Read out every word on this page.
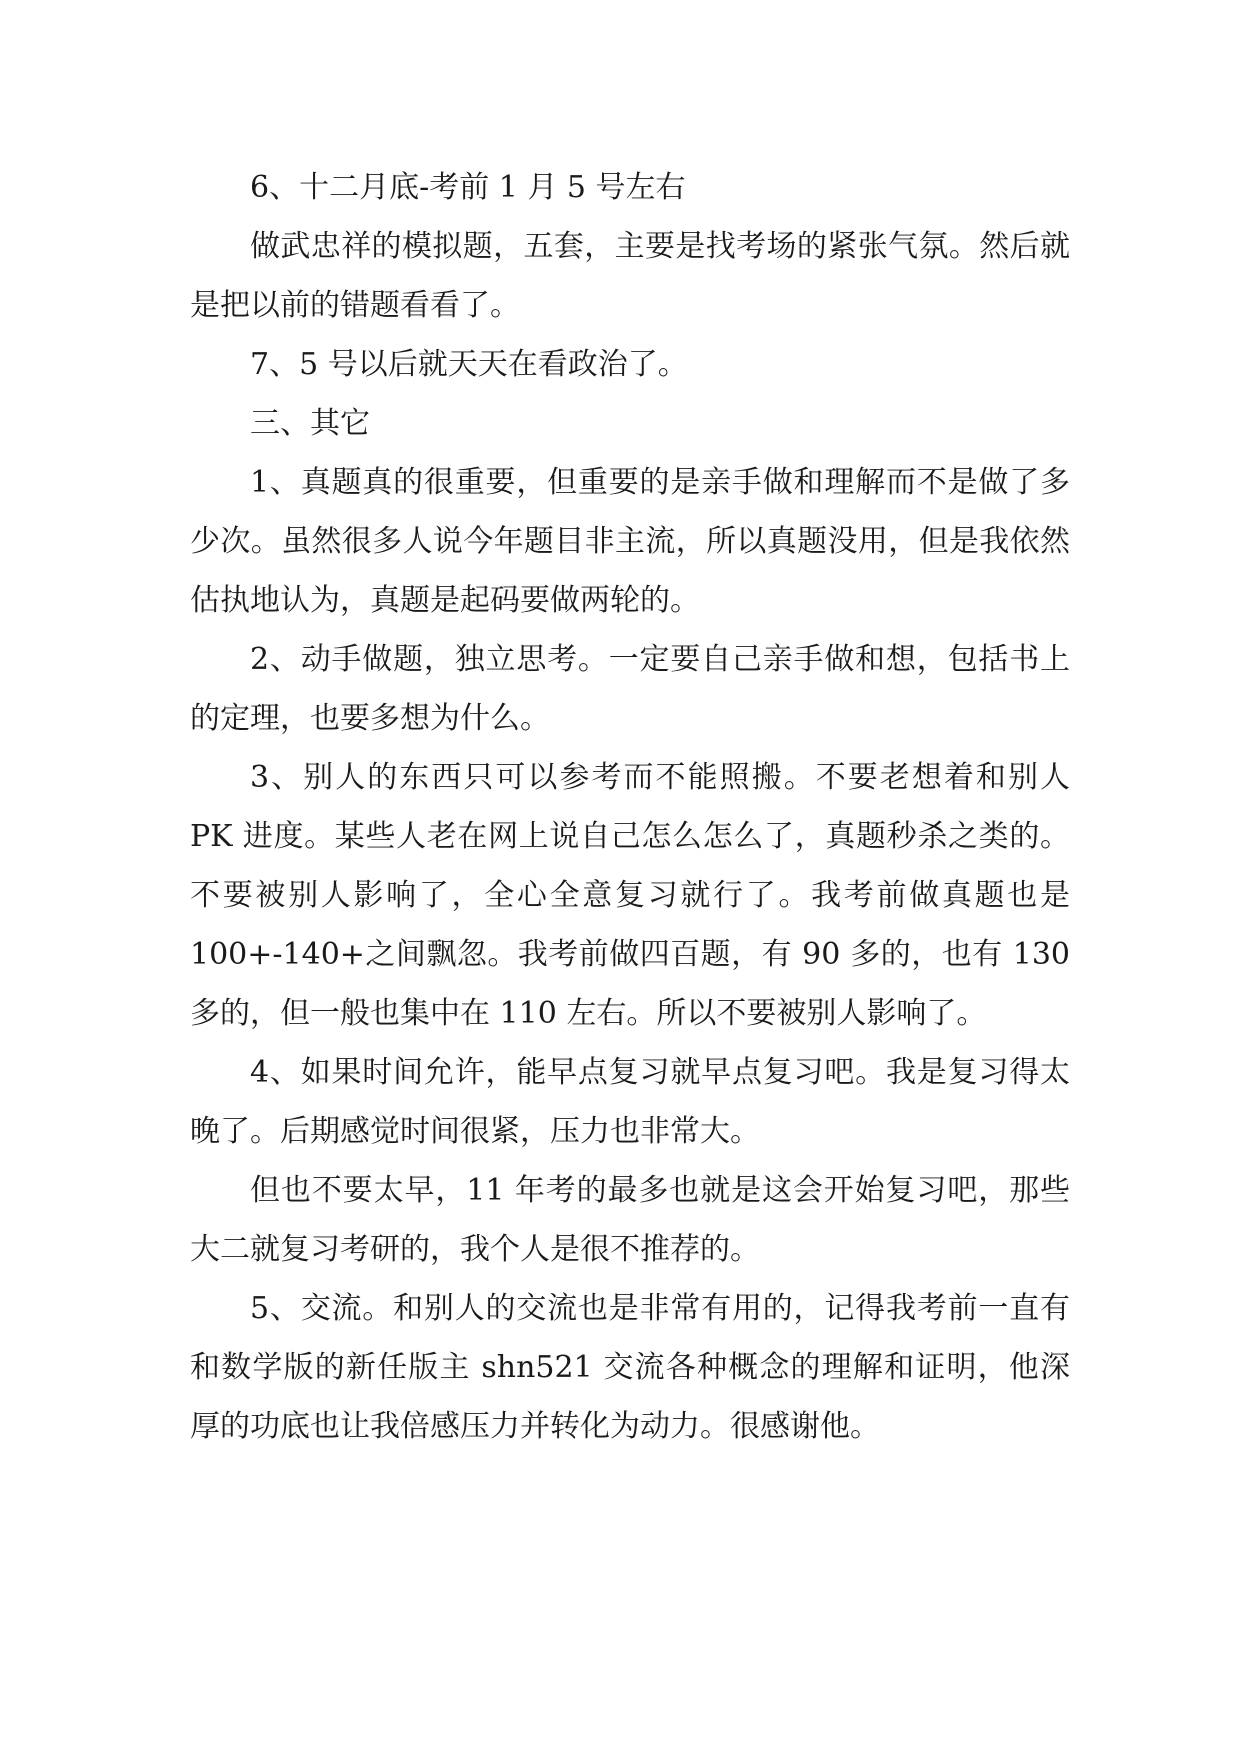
6、十二月底-考前 1 月 5 号左右

做武忠祥的模拟题，五套，主要是找考场的紧张气氛。然后就是把以前的错题看看了。

7、5 号以后就天天在看政治了。

三、其它

1、真题真的很重要，但重要的是亲手做和理解而不是做了多少次。虽然很多人说今年题目非主流，所以真题没用，但是我依然估执地认为，真题是起码要做两轮的。

2、动手做题，独立思考。一定要自己亲手做和想，包括书上的定理，也要多想为什么。

3、别人的东西只可以参考而不能照搬。不要老想着和别人 PK 进度。某些人老在网上说自己怎么怎么了，真题秒杀之类的。不要被别人影响了，全心全意复习就行了。我考前做真题也是 100+-140+之间飘忽。我考前做四百题，有 90 多的，也有 130 多的，但一般也集中在 110 左右。所以不要被别人影响了。

4、如果时间允许，能早点复习就早点复习吧。我是复习得太晚了。后期感觉时间很紧，压力也非常大。

但也不要太早，11 年考的最多也就是这会开始复习吧，那些大二就复习考研的，我个人是很不推荐的。

5、交流。和别人的交流也是非常有用的，记得我考前一直有和数学版的新任版主 shn521 交流各种概念的理解和证明，他深厚的功底也让我倍感压力并转化为动力。很感谢他。
